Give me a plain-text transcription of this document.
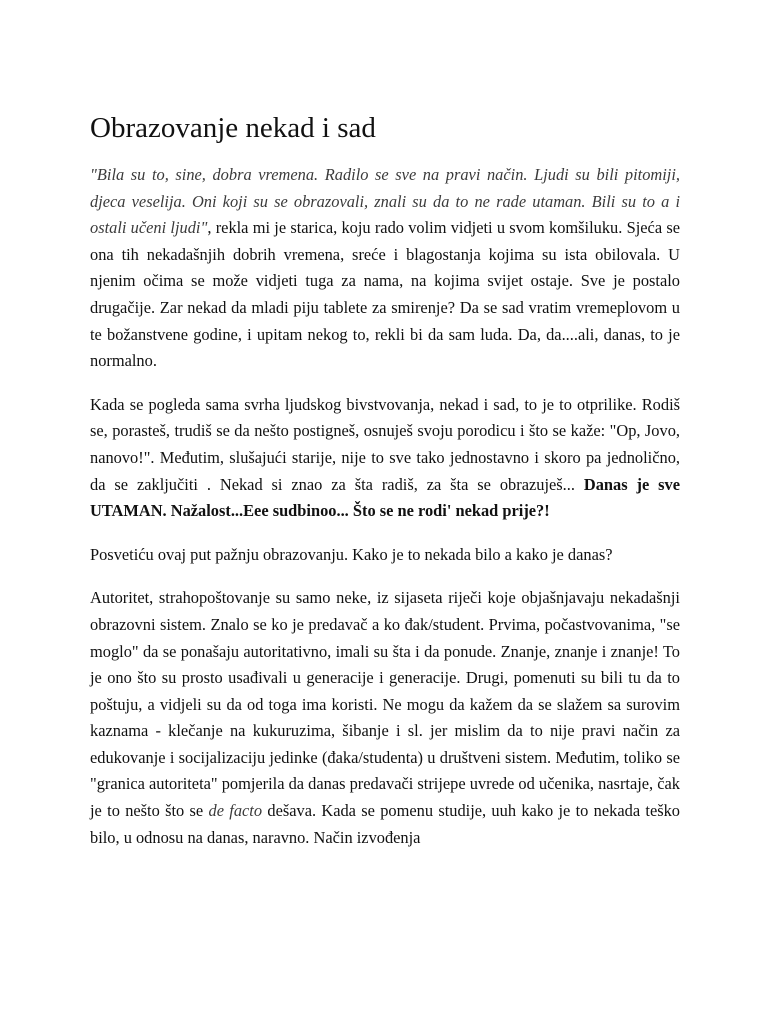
Obrazovanje nekad i sad

"Bila su to, sine, dobra vremena. Radilo se sve na pravi način. Ljudi su bili pitomiji, djeca veselija. Oni koji su se obrazovali, znali su da to ne rade utaman. Bili su to a i ostali učeni ljudi", rekla mi je starica, koju rado volim vidjeti u svom komšiluku. Sjeća se ona tih nekadašnjih dobrih vremena, sreće i blagostanja kojima su ista obilovala. U njenim očima se može vidjeti tuga za nama, na kojima svijet ostaje. Sve je postalo drugačije. Zar nekad da mladi piju tablete za smirenje? Da se sad vratim vremeplovom u te božanstvene godine, i upitam nekog to, rekli bi da sam luda. Da, da....ali, danas, to je normalno.

Kada se pogleda sama svrha ljudskog bivstvovanja, nekad i sad, to je to otprilike. Rodiš se, porasteš, trudiš se da nešto postigneš, osnuješ svoju porodicu i što se kaže: "Op, Jovo, nanovo!". Međutim, slušajući starije, nije to sve tako jednostavno i skoro pa jednolično, da se zaključiti . Nekad si znao za šta radiš, za šta se obrazuješ... Danas je sve UTAMAN. Nažalost...Eee sudbinoo... Što se ne rodi' nekad prije?!

Posvetiću ovaj put pažnju obrazovanju. Kako je to nekada bilo a kako je danas?

Autoritet, strahopoštovanje su samo neke, iz sijaseta riječi koje objašnjavaju nekadašnji obrazovni sistem. Znalo se ko je predavač a ko đak/student. Prvima, počastvovanima, "se moglo" da se ponašaju autoritativno, imali su šta i da ponude. Znanje, znanje i znanje! To je ono što su prosto usađivali u generacije i generacije. Drugi, pomenuti su bili tu da to poštuju, a vidjeli su da od toga ima koristi. Ne mogu da kažem da se slažem sa surovim kaznama - klečanje na kukuruzima, šibanje i sl. jer mislim da to nije pravi način za edukovanje i socijalizaciju jedinke (đaka/studenta) u društveni sistem. Međutim, toliko se "granica autoriteta" pomjerila da danas predavači strijepe uvrede od učenika, nasrtaje, čak je to nešto što se de facto dešava. Kada se pomenu studije, uuh kako je to nekada teško bilo, u odnosu na danas, naravno. Način izvođenja
